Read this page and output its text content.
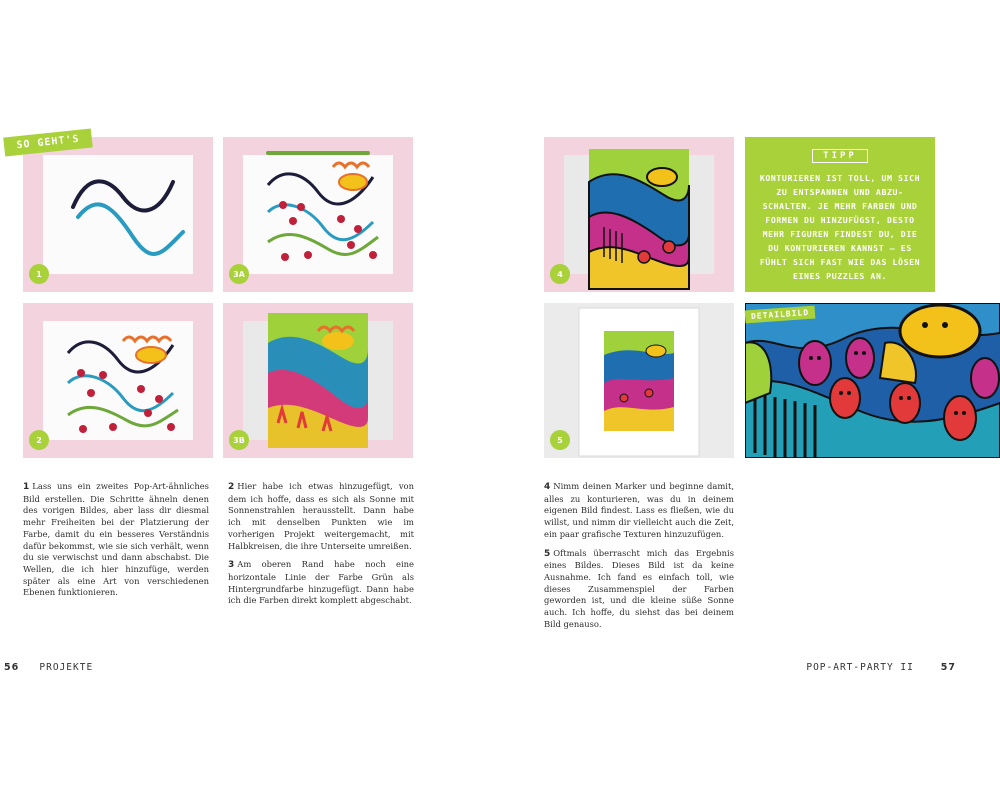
1	3A
2	3B
SO GEHT'S

1 Lass uns ein zweites Pop-Art-ähnliches Bild erstellen. Die Schritte ähneln denen des vorigen Bildes, aber lass dir diesmal mehr Freiheiten bei der Platzierung der Farbe, damit du ein besseres Verständnis dafür bekommst, wie sie sich verhält, wenn du sie verwischst und dann abschabst. Die Wellen, die ich hier hinzufüge, werden später als eine Art von verschiedenen Ebenen funktionieren.

2 Hier habe ich etwas hinzugefügt, von dem ich hoffe, dass es sich als Sonne mit Sonnenstrahlen herausstellt. Dann habe ich mit denselben Punkten wie im vorherigen Projekt weitergemacht, mit Halbkreisen, die ihre Unterseite umreißen.

3 Am oberen Rand habe noch eine horizontale Linie der Farbe Grün als Hintergrundfarbe hinzugefügt. Dann habe ich die Farben direkt komplett abgeschabt.

56 PROJEKTE
4
TIPP
KONTURIEREN IST TOLL, UM SICH ZU ENTSPANNEN UND ABZU-SCHALTEN. JE MEHR FARBEN UND FORMEN DU HINZUFÜGST, DESTO MEHR FIGUREN FINDEST DU, DIE DU KONTURIEREN KANNST – ES FÜHLT SICH FAST WIE DAS LÖSEN EINES PUZZLES AN.
5
DETAILBILD

4 Nimm deinen Marker und beginne damit, alles zu konturieren, was du in deinem eigenen Bild findest. Lass es fließen, wie du willst, und nimm dir vielleicht auch die Zeit, ein paar grafische Texturen hinzuzufügen.

5 Oftmals überrascht mich das Ergebnis eines Bildes. Dieses Bild ist da keine Ausnahme. Ich fand es einfach toll, wie dieses Zusammenspiel der Farben geworden ist, und die kleine süße Sonne auch. Ich hoffe, du siehst das bei deinem Bild genauso.

POP-ART-PARTY II	57
